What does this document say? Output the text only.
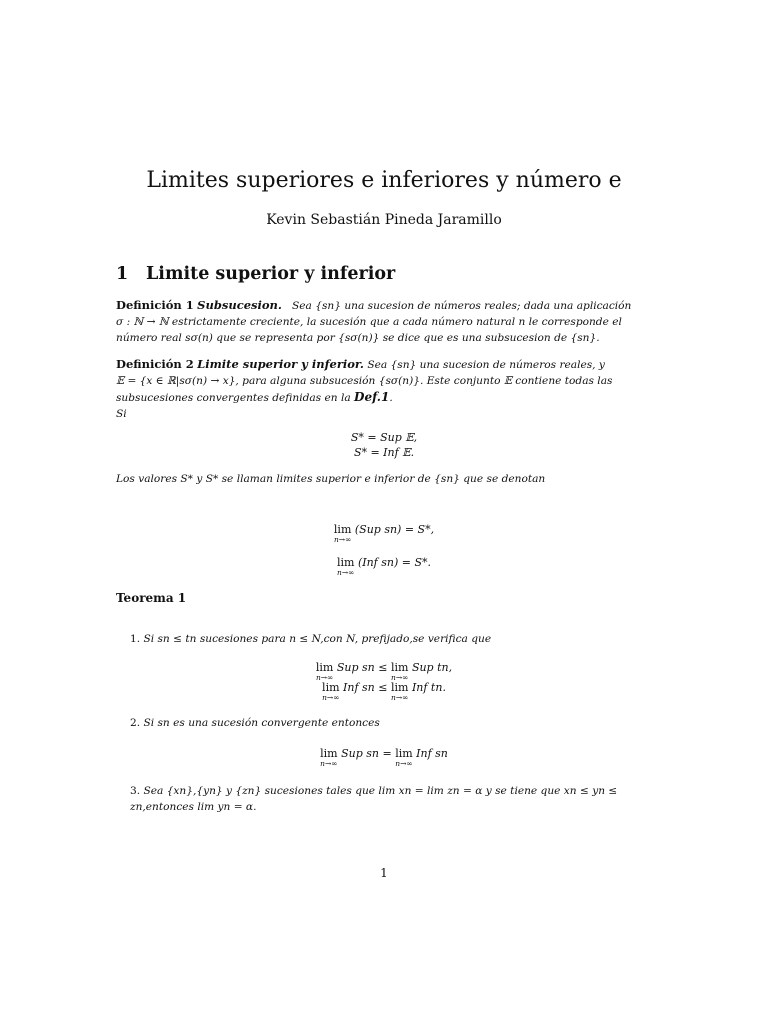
Limites superiores e inferiores y número e
Kevin Sebastián Pineda Jaramillo
1 Limite superior y inferior
Definición 1 Subsucesion. Sea {sn} una sucesion de números reales; dada una aplicación
σ : ℕ → ℕ estrictamente creciente, la sucesión que a cada número natural n le corresponde el
número real sσ(n) que se representa por {sσ(n)} se dice que es una subsucesion de {sn}.
Definición 2 Limite superior y inferior. Sea {sn} una sucesion de números reales, y
𝔼 = {x ∈ ℝ|sσ(n) → x}, para alguna subsucesión {sσ(n)}. Este conjunto 𝔼 contiene todas las
subsucesiones convergentes definidas en la Def.1.
Si
S* = Sup 𝔼,
S* = Inf 𝔼.
Los valores S* y S* se llaman limites superior e inferior de {sn} que se denotan
lim
n→∞
(Sup sn) = S*,
lim
n→∞
(Inf sn) = S*.
Teorema 1
1. Si sn ≤ tn sucesiones para n ≤ N,con N, prefijado,se verifica que
lim
n→∞
Sup sn ≤ lim
n→∞
Sup tn,
lim
n→∞
Inf sn ≤ lim
n→∞
Inf tn.
2. Si sn es una sucesión convergente entonces
lim
n→∞
Sup sn = lim
n→∞
Inf sn
3. Sea {xn},{yn} y {zn} sucesiones tales que lim xn = lim zn = α y se tiene que xn ≤ yn ≤
zn,entonces lim yn = α.
1
